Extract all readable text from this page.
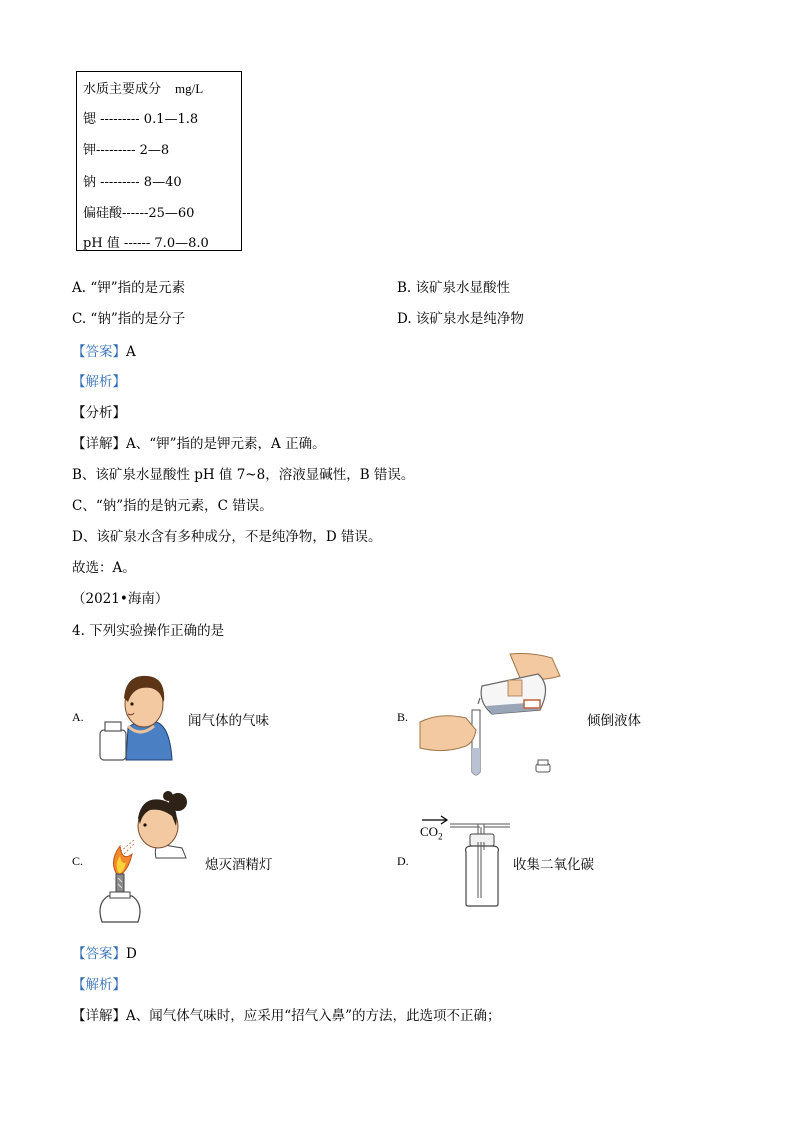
水质主要成分 mg/L
锶 --------- 0.1—1.8
钾--------- 2—8
钠 --------- 8—40
偏硅酸------25—60
pH 值 ------ 7.0—8.0
A. “钾”指的是元素	B. 该矿泉水显酸性
C. “钠”指的是分子	D. 该矿泉水是纯净物
【答案】A
【解析】
【分析】
【详解】A、“钾”指的是钾元素，A 正确。
B、该矿泉水显酸性 pH 值 7~8，溶液显碱性，B 错误。
C、“钠”指的是钠元素，C 错误。
D、该矿泉水含有多种成分，不是纯净物，D 错误。
故选：A。
（2021•海南）
4. 下列实验操作正确的是
A.	闻气体的气味	B.	倾倒液体
C.	熄灭酒精灯	D.
$CO_2$
收集二氧化碳
【答案】D
【解析】
【详解】A、闻气体气味时，应采用“招气入鼻”的方法，此选项不正确；
